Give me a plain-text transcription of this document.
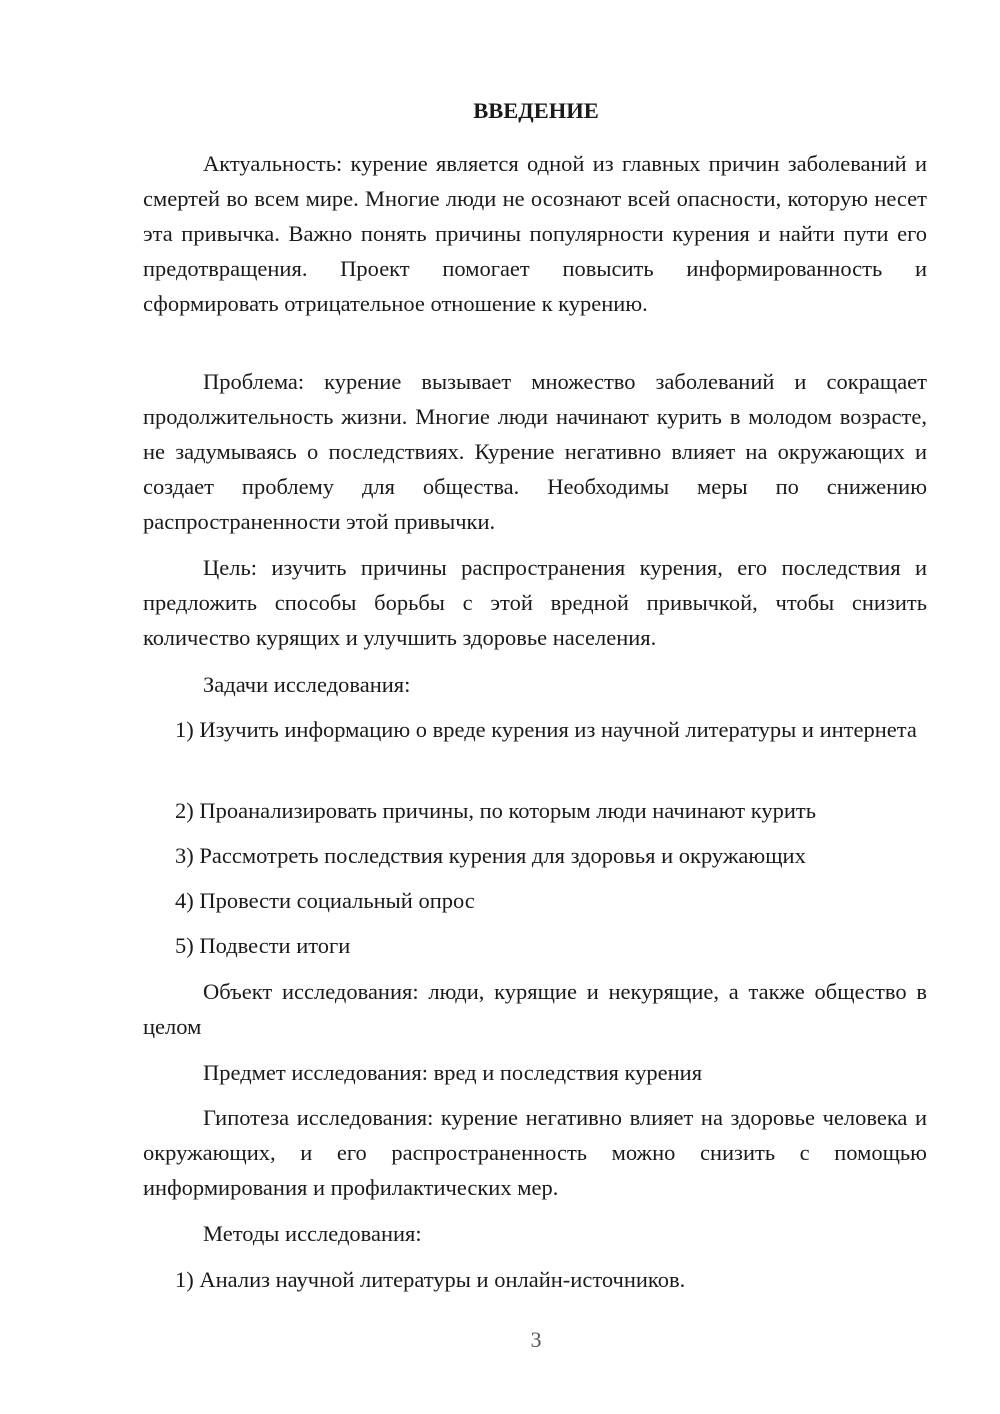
ВВЕДЕНИЕ

Актуальность: курение является одной из главных причин заболеваний и смертей во всем мире. Многие люди не осознают всей опасности, которую несет эта привычка. Важно понять причины популярности курения и найти пути его предотвращения. Проект помогает повысить информированность и сформировать отрицательное отношение к курению.

Проблема: курение вызывает множество заболеваний и сокращает продолжительность жизни. Многие люди начинают курить в молодом возрасте, не задумываясь о последствиях. Курение негативно влияет на окружающих и создает проблему для общества. Необходимы меры по снижению распространенности этой привычки.

Цель: изучить причины распространения курения, его последствия и предложить способы борьбы с этой вредной привычкой, чтобы снизить количество курящих и улучшить здоровье населения.

Задачи исследования:

1) Изучить информацию о вреде курения из научной литературы и интернета

2) Проанализировать причины, по которым люди начинают курить

3) Рассмотреть последствия курения для здоровья и окружающих

4) Провести социальный опрос

5) Подвести итоги

Объект исследования: люди, курящие и некурящие, а также общество в целом

Предмет исследования: вред и последствия курения

Гипотеза исследования: курение негативно влияет на здоровье человека и окружающих, и его распространенность можно снизить с помощью информирования и профилактических мер.

Методы исследования:

1) Анализ научной литературы и онлайн-источников.

3
